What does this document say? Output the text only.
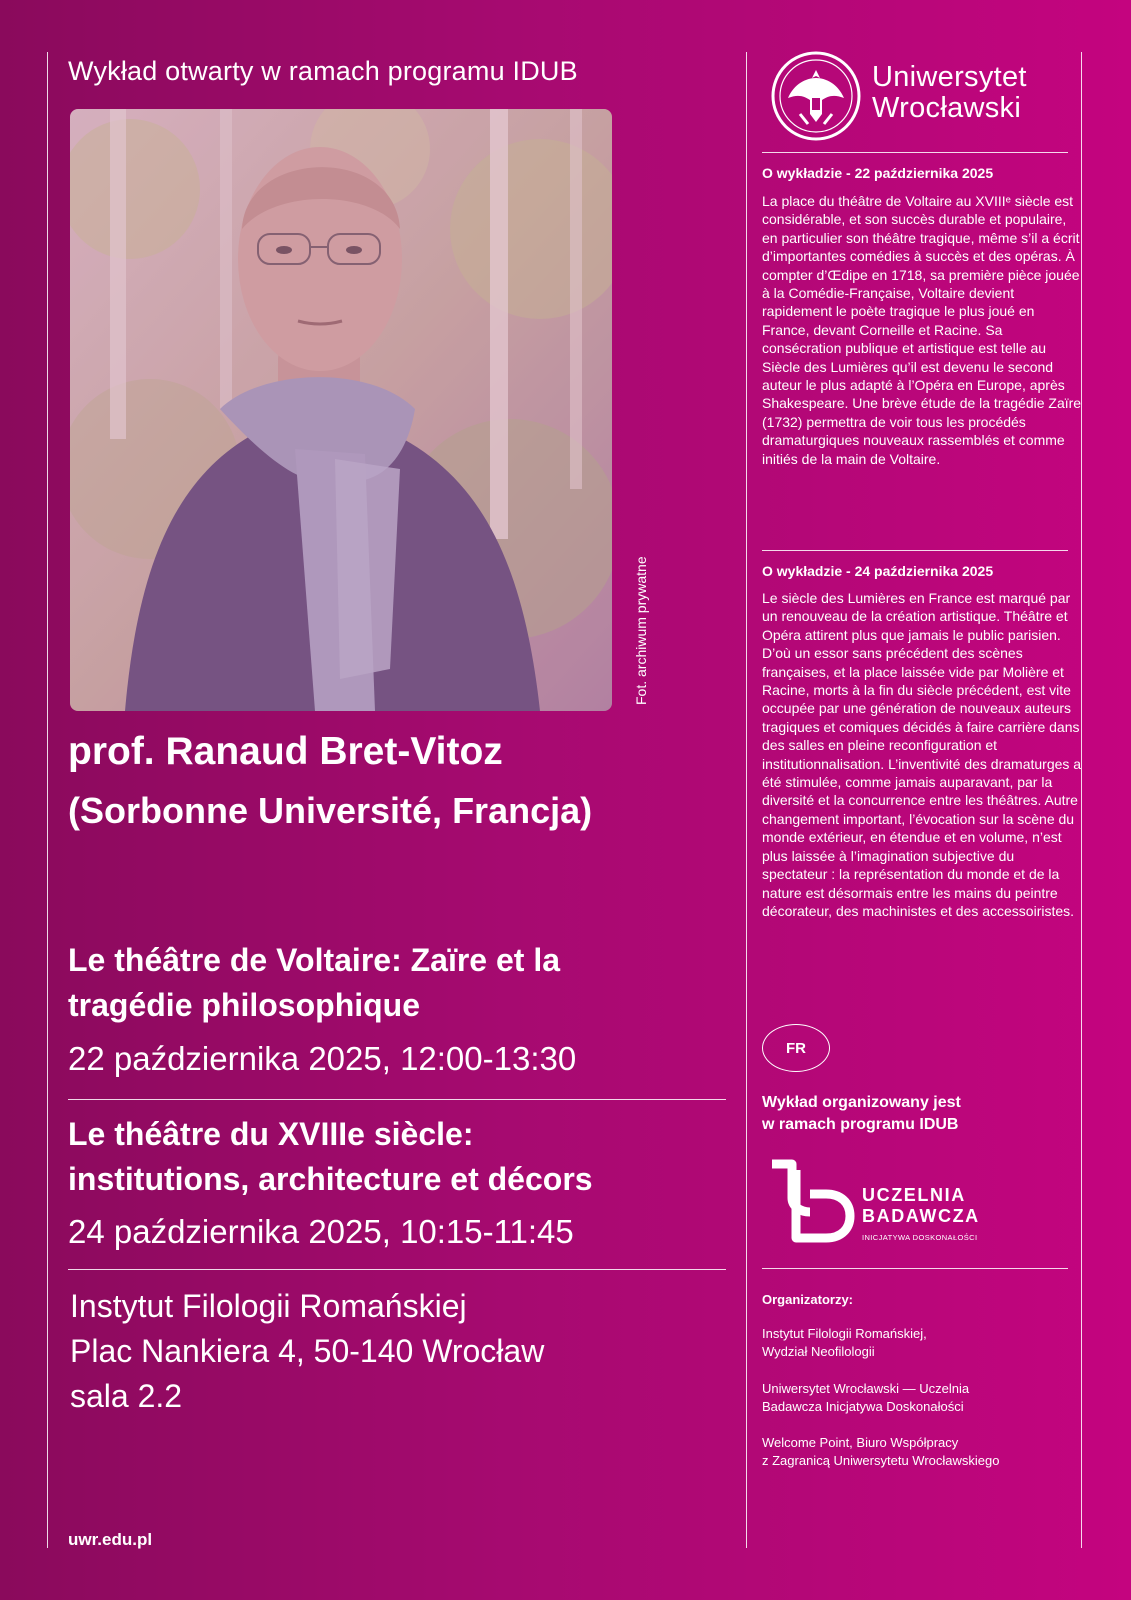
Wykład otwarty w ramach programu IDUB
Fot. archiwum prywatne
prof. Ranaud Bret-Vitoz
(Sorbonne Université, Francja)
Le théâtre de Voltaire: Zaïre et la
tragédie philosophique
22 października 2025, 12:00-13:30
Le théâtre du XVIIIe siècle:
institutions, architecture et décors
24 października 2025, 10:15-11:45
Instytut Filologii Romańskiej
Plac Nankiera 4, 50-140 Wrocław
sala 2.2
uwr.edu.pl
Uniwersytet
Wrocławski
O wykładzie - 22 października 2025
La place du théâtre de Voltaire au XVIIIᵉ siècle est considérable, et son succès durable et populaire, en particulier son théâtre tragique, même s’il a écrit d’importantes comédies à succès et des opéras. À compter d’Œdipe en 1718, sa première pièce jouée à la Comédie-Française, Voltaire devient rapidement le poète tragique le plus joué en France, devant Corneille et Racine. Sa consécration publique et artistique est telle au Siècle des Lumières qu’il est devenu le second auteur le plus adapté à l’Opéra en Europe, après Shakespeare. Une brève étude de la tragédie Zaïre (1732) permettra de voir tous les procédés dramaturgiques nouveaux rassemblés et comme initiés de la main de Voltaire.
O wykładzie - 24 października 2025
Le siècle des Lumières en France est marqué par un renouveau de la création artistique. Théâtre et Opéra attirent plus que jamais le public parisien. D’où un essor sans précédent des scènes françaises, et la place laissée vide par Molière et Racine, morts à la fin du siècle précédent, est vite occupée par une génération de nouveaux auteurs tragiques et comiques décidés à faire carrière dans des salles en pleine reconfiguration et institutionnalisation. L’inventivité des dramaturges a été stimulée, comme jamais auparavant, par la diversité et la concurrence entre les théâtres. Autre changement important, l’évocation sur la scène du monde extérieur, en étendue et en volume, n’est plus laissée à l’imagination subjective du spectateur : la représentation du monde et de la nature est désormais entre les mains du peintre décorateur, des machinistes et des accessoiristes.
FR
Wykład organizowany jest
w ramach programu IDUB
UCZELNIA
BADAWCZA
INICJATYWA DOSKONAŁOŚCI
Organizatorzy:
Instytut Filologii Romańskiej,
Wydział Neofilologii
Uniwersytet Wrocławski — Uczelnia
Badawcza Inicjatywa Doskonałości
Welcome Point, Biuro Współpracy
z Zagranicą Uniwersytetu Wrocławskiego
